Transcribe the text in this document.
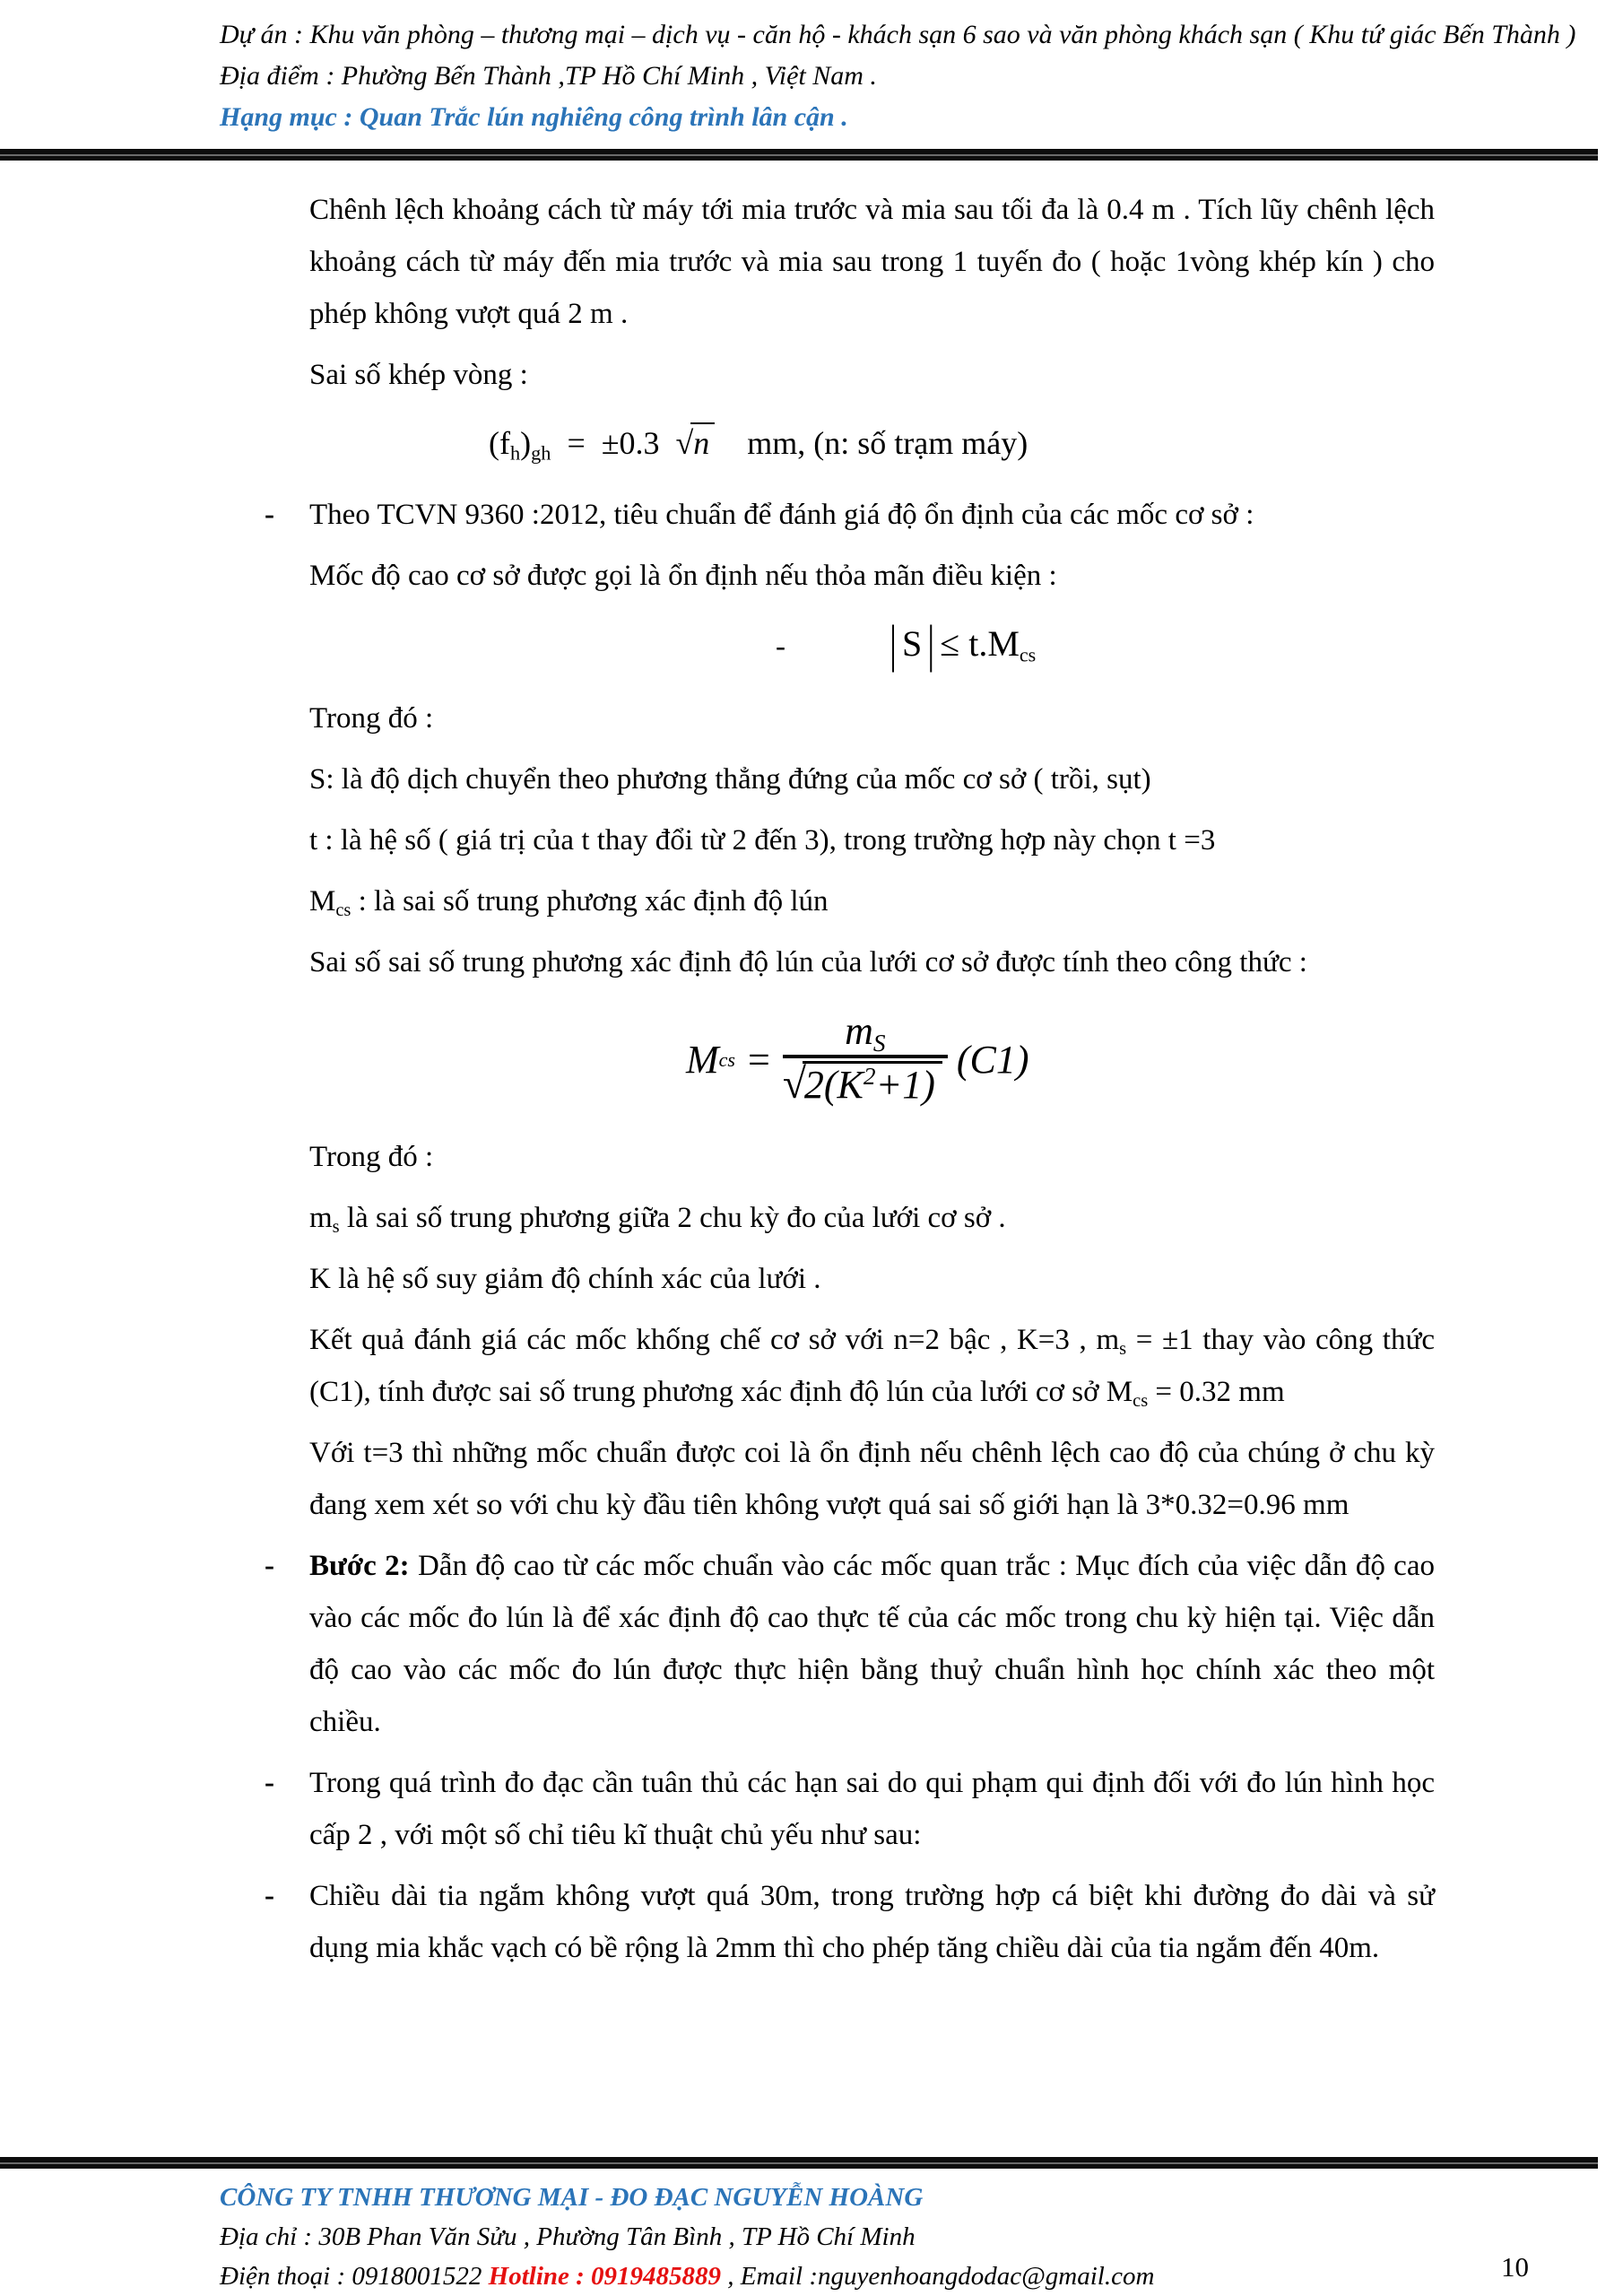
Dự án : Khu văn phòng – thương mại – dịch vụ - căn hộ - khách sạn 6 sao và văn phòng khách sạn ( Khu tứ giác Bến Thành )
Địa điểm : Phường Bến Thành ,TP Hồ Chí Minh , Việt Nam .
Hạng mục : Quan Trắc lún nghiêng công trình lân cận .

Chênh lệch khoảng cách từ máy tới mia trước và mia sau tối đa là 0.4 m . Tích lũy chênh lệch khoảng cách từ máy đến mia trước và mia sau trong 1 tuyến đo ( hoặc 1vòng khép kín ) cho phép không vượt quá 2 m .

Sai số khép vòng :

$(f_h)_{gh} = \pm 0.3$ √n mm, (n: số trạm máy)
- Theo TCVN 9360 :2012, tiêu chuẩn để đánh giá độ ổn định của các mốc cơ sở :

Mốc độ cao cơ sở được gọi là ổn định nếu thỏa mãn điều kiện :

-	| S | ≤ $t.M_{cs}$

Trong đó :

S: là độ dịch chuyển theo phương thẳng đứng của mốc cơ sở ( trồi, sụt)

t : là hệ số ( giá trị của t thay đổi từ 2 đến 3), trong trường hợp này chọn t =3

$M_{cs}$ : là sai số trung phương xác định độ lún

Sai số sai số trung phương xác định độ lún của lưới cơ sở được tính theo công thức :

M cs = $m_S$
√
$2(K^2+1)$ (C1)

Trong đó :

$m_s$ là sai số trung phương giữa 2 chu kỳ đo của lưới cơ sở .

K là hệ số suy giảm độ chính xác của lưới .

Kết quả đánh giá các mốc khống chế cơ sở với n=2 bậc , K=3 , $m_s = \pm 1$ thay vào công thức (C1), tính được sai số trung phương xác định độ lún của lưới cơ sở $M_{cs} = 0.32$ mm

Với t=3 thì những mốc chuẩn được coi là ổn định nếu chênh lệch cao độ của chúng ở chu kỳ đang xem xét so với chu kỳ đầu tiên không vượt quá sai số giới hạn là 3*0.32=0.96 mm

- Bước 2: Dẫn độ cao từ các mốc chuẩn vào các mốc quan trắc : Mục đích của việc dẫn độ cao vào các mốc đo lún là để xác định độ cao thực tế của các mốc trong chu kỳ hiện tại. Việc dẫn độ cao vào các mốc đo lún được thực hiện bằng thuỷ chuẩn hình học chính xác theo một chiều.
- Trong quá trình đo đạc cần tuân thủ các hạn sai do qui phạm qui định đối với đo lún hình học cấp 2 , với một số chỉ tiêu kĩ thuật chủ yếu như sau:
- Chiều dài tia ngắm không vượt quá 30m, trong trường hợp cá biệt khi đường đo dài và sử dụng mia khắc vạch có bề rộng là 2mm thì cho phép tăng chiều dài của tia ngắm đến 40m.
CÔNG TY TNHH THƯƠNG MẠI - ĐO ĐẠC NGUYỄN HOÀNG
Địa chỉ : 30B Phan Văn Sửu , Phường Tân Bình , TP Hồ Chí Minh
Điện thoại : 0918001522 Hotline : 0919485889 , Email :nguyenhoangdodac@gmail.com	10
